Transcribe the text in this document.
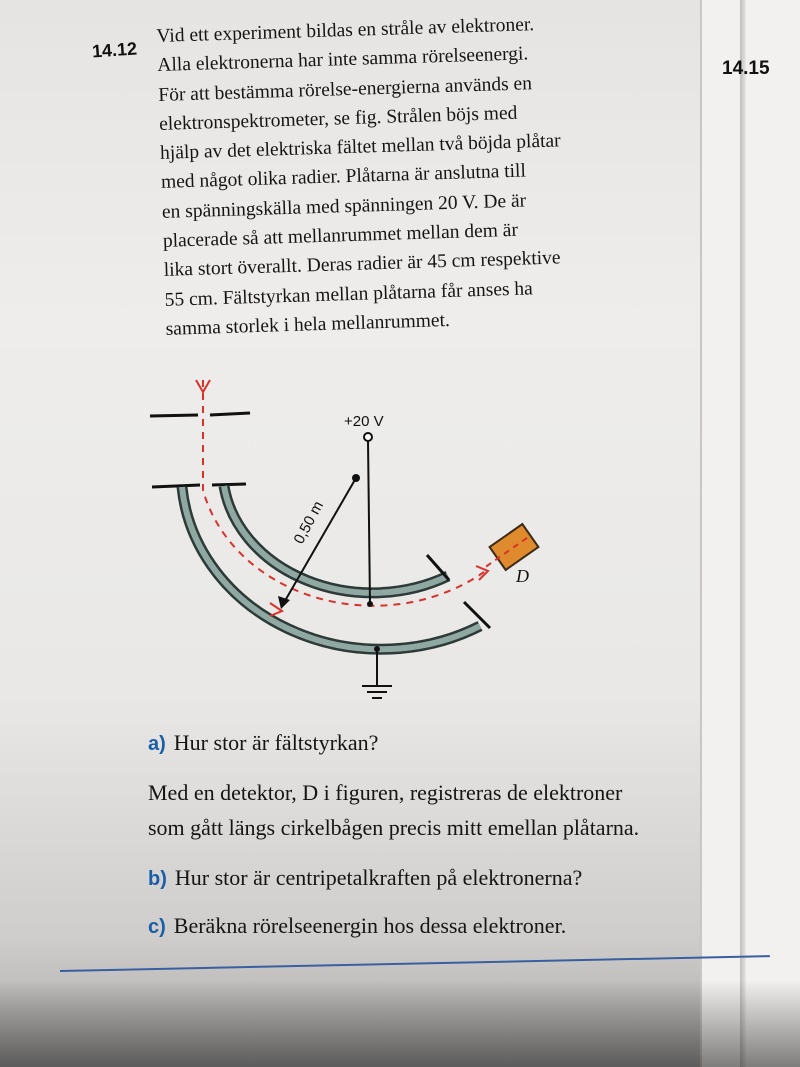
14.15
14.12
Vid ett experiment bildas en stråle av elektroner.
Alla elektronerna har inte samma rörelseenergi.
För att bestämma rörelse-energierna används en
elektronspektrometer, se fig. Strålen böjs med
hjälp av det elektriska fältet mellan två böjda plåtar
med något olika radier. Plåtarna är anslutna till
en spänningskälla med spänningen 20 V. De är
placerade så att mellanrummet mellan dem är
lika stort överallt. Deras radier är 45 cm respektive
55 cm. Fältstyrkan mellan plåtarna får anses ha
samma storlek i hela mellanrummet.
D
0,50 m
+20 V
a) Hur stor är fältstyrkan?
Med en detektor, D i figuren, registreras de elektroner
som gått längs cirkelbågen precis mitt emellan plåtarna.
b) Hur stor är centripetalkraften på elektronerna?
c) Beräkna rörelseenergin hos dessa elektroner.
